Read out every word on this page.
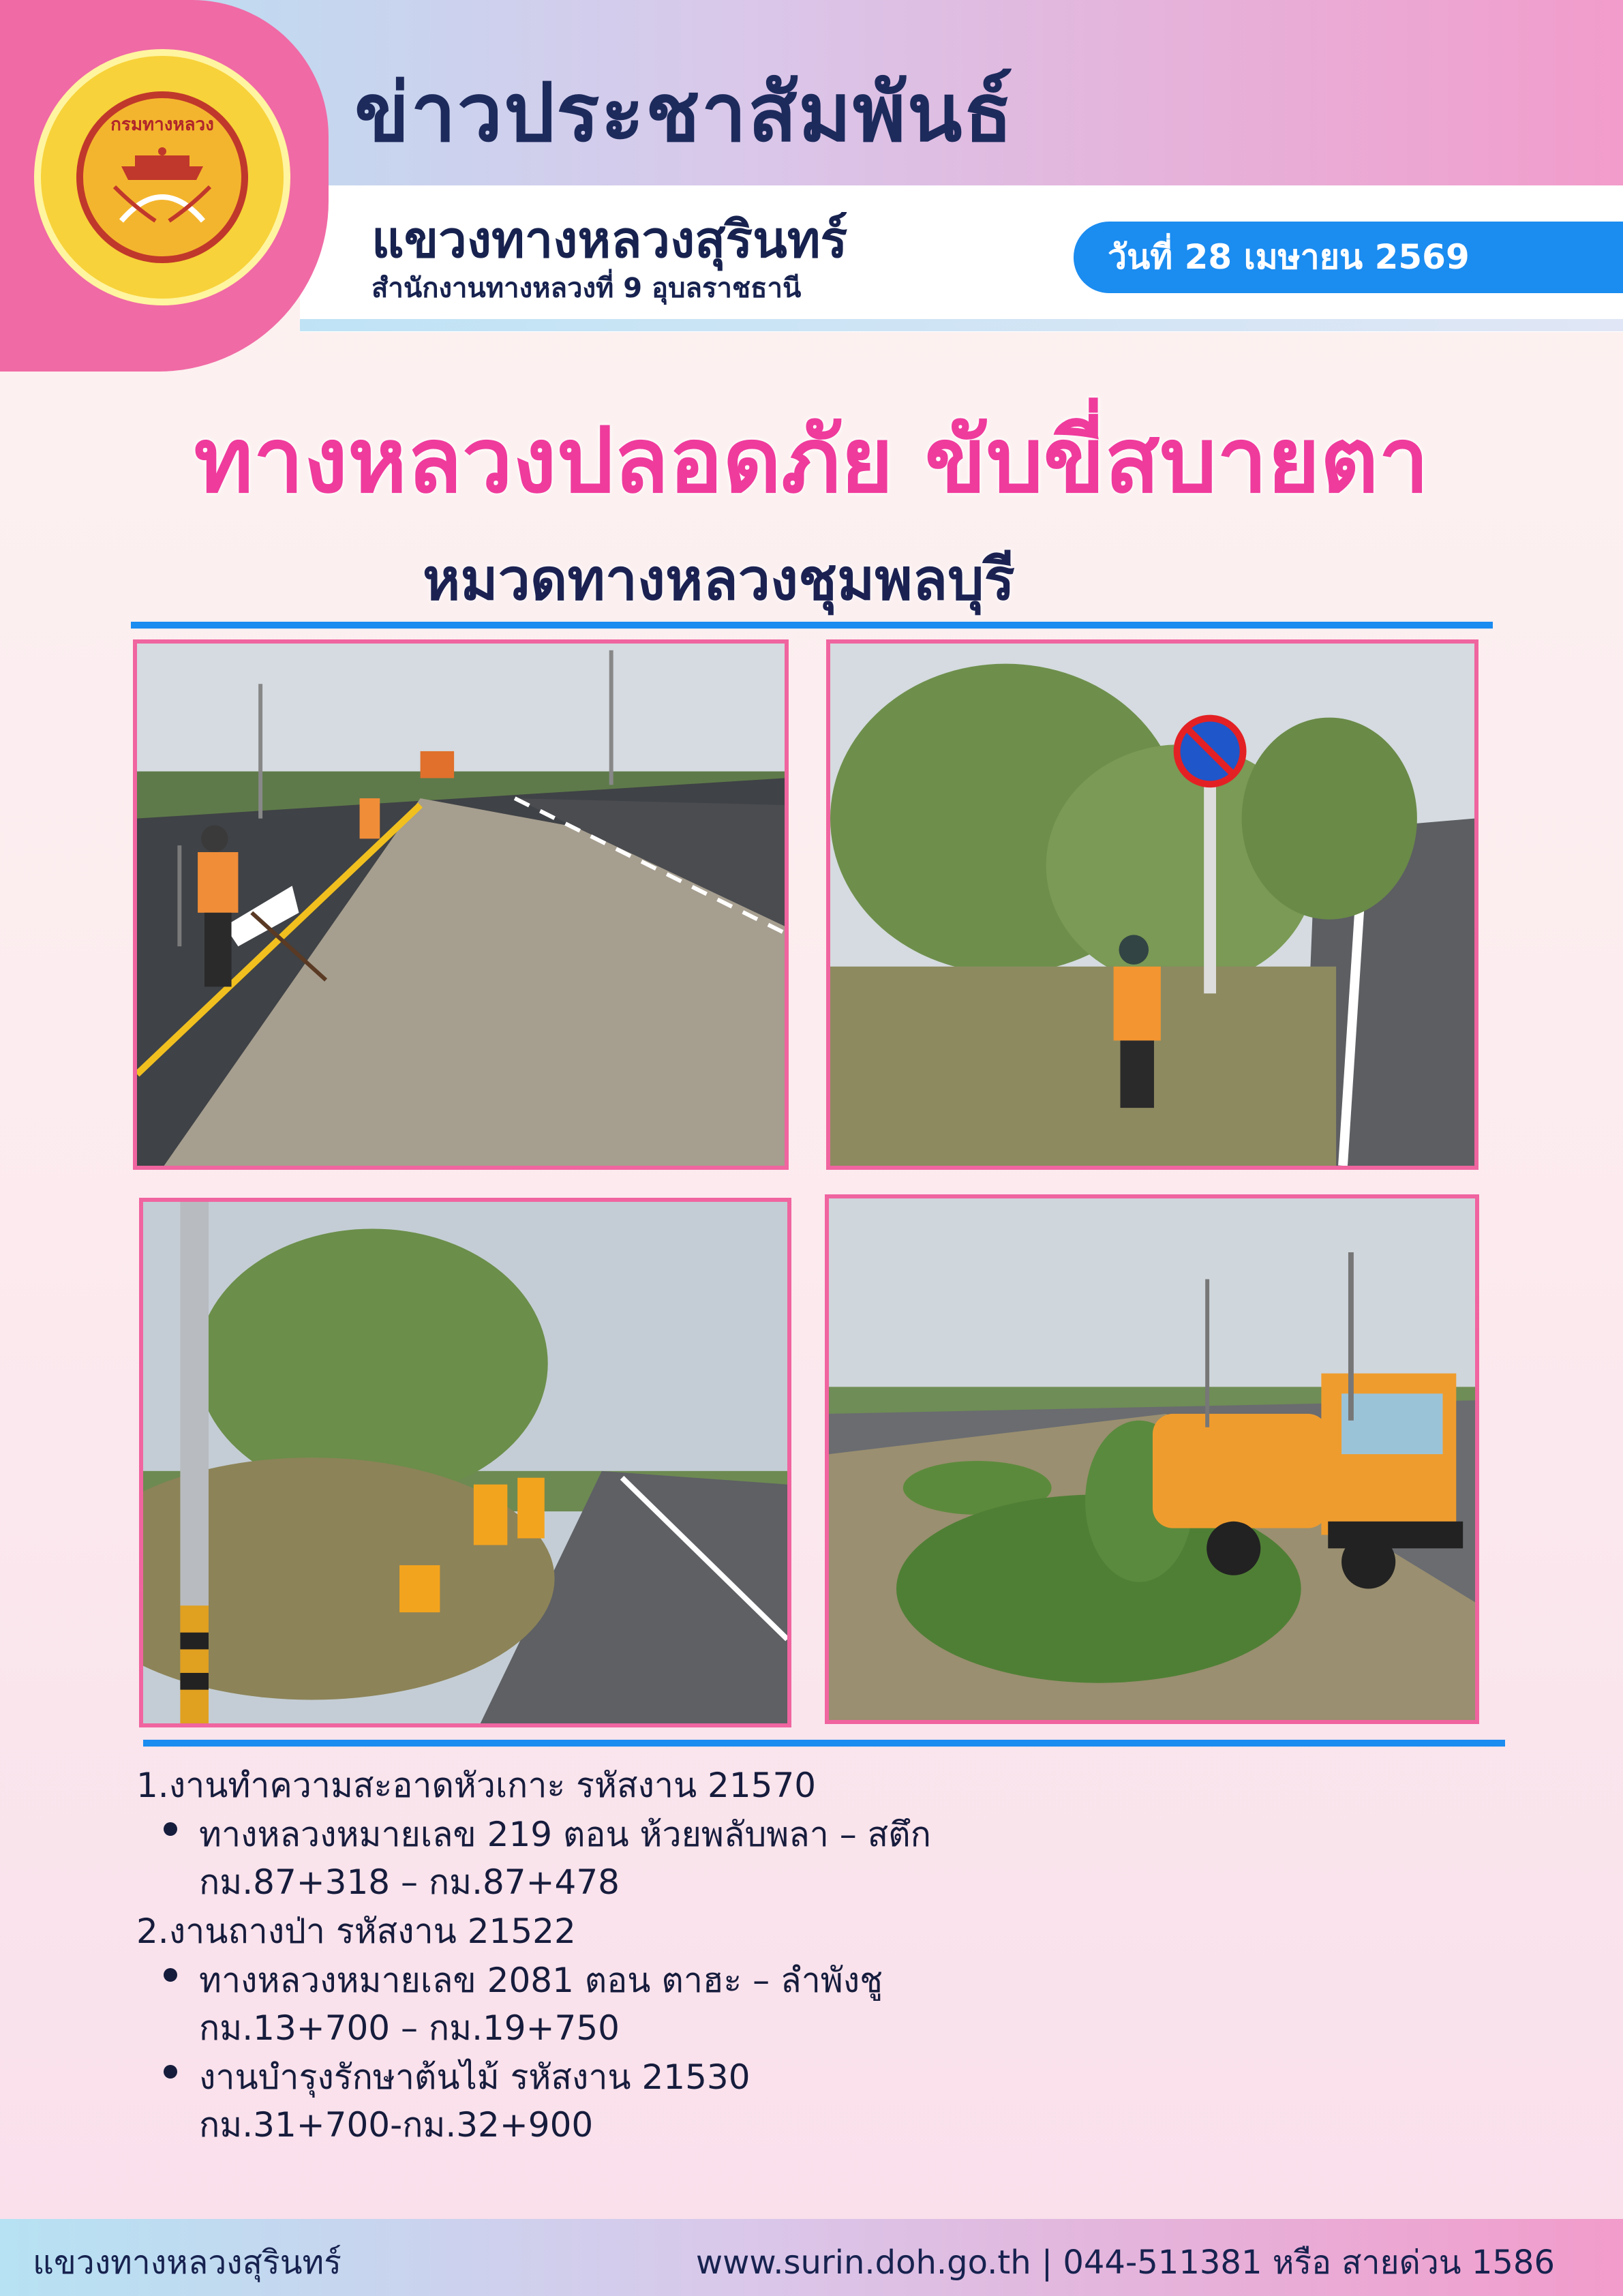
กรมทางหลวง	ข่าวประชาสัมพันธ์
แขวงทางหลวงสุรินทร์
สำนักงานทางหลวงที่ 9 อุบลราชธานี
วันที่ 28 เมษายน 2569
ทางหลวงปลอดภัย ขับขี่สบายตา
หมวดทางหลวงชุมพลบุรี
1.งานทำความสะอาดหัวเกาะ รหัสงาน 21570
ทางหลวงหมายเลข 219 ตอน ห้วยพลับพลา – สตึก
กม.87+318 – กม.87+478
2.งานถางป่า รหัสงาน 21522
ทางหลวงหมายเลข 2081 ตอน ตาฮะ – ลำพังชู
กม.13+700 – กม.19+750
งานบำรุงรักษาต้นไม้ รหัสงาน 21530
กม.31+700-กม.32+900
แขวงทางหลวงสุรินทร์	www.surin.doh.go.th | 044-511381 หรือ สายด่วน 1586
